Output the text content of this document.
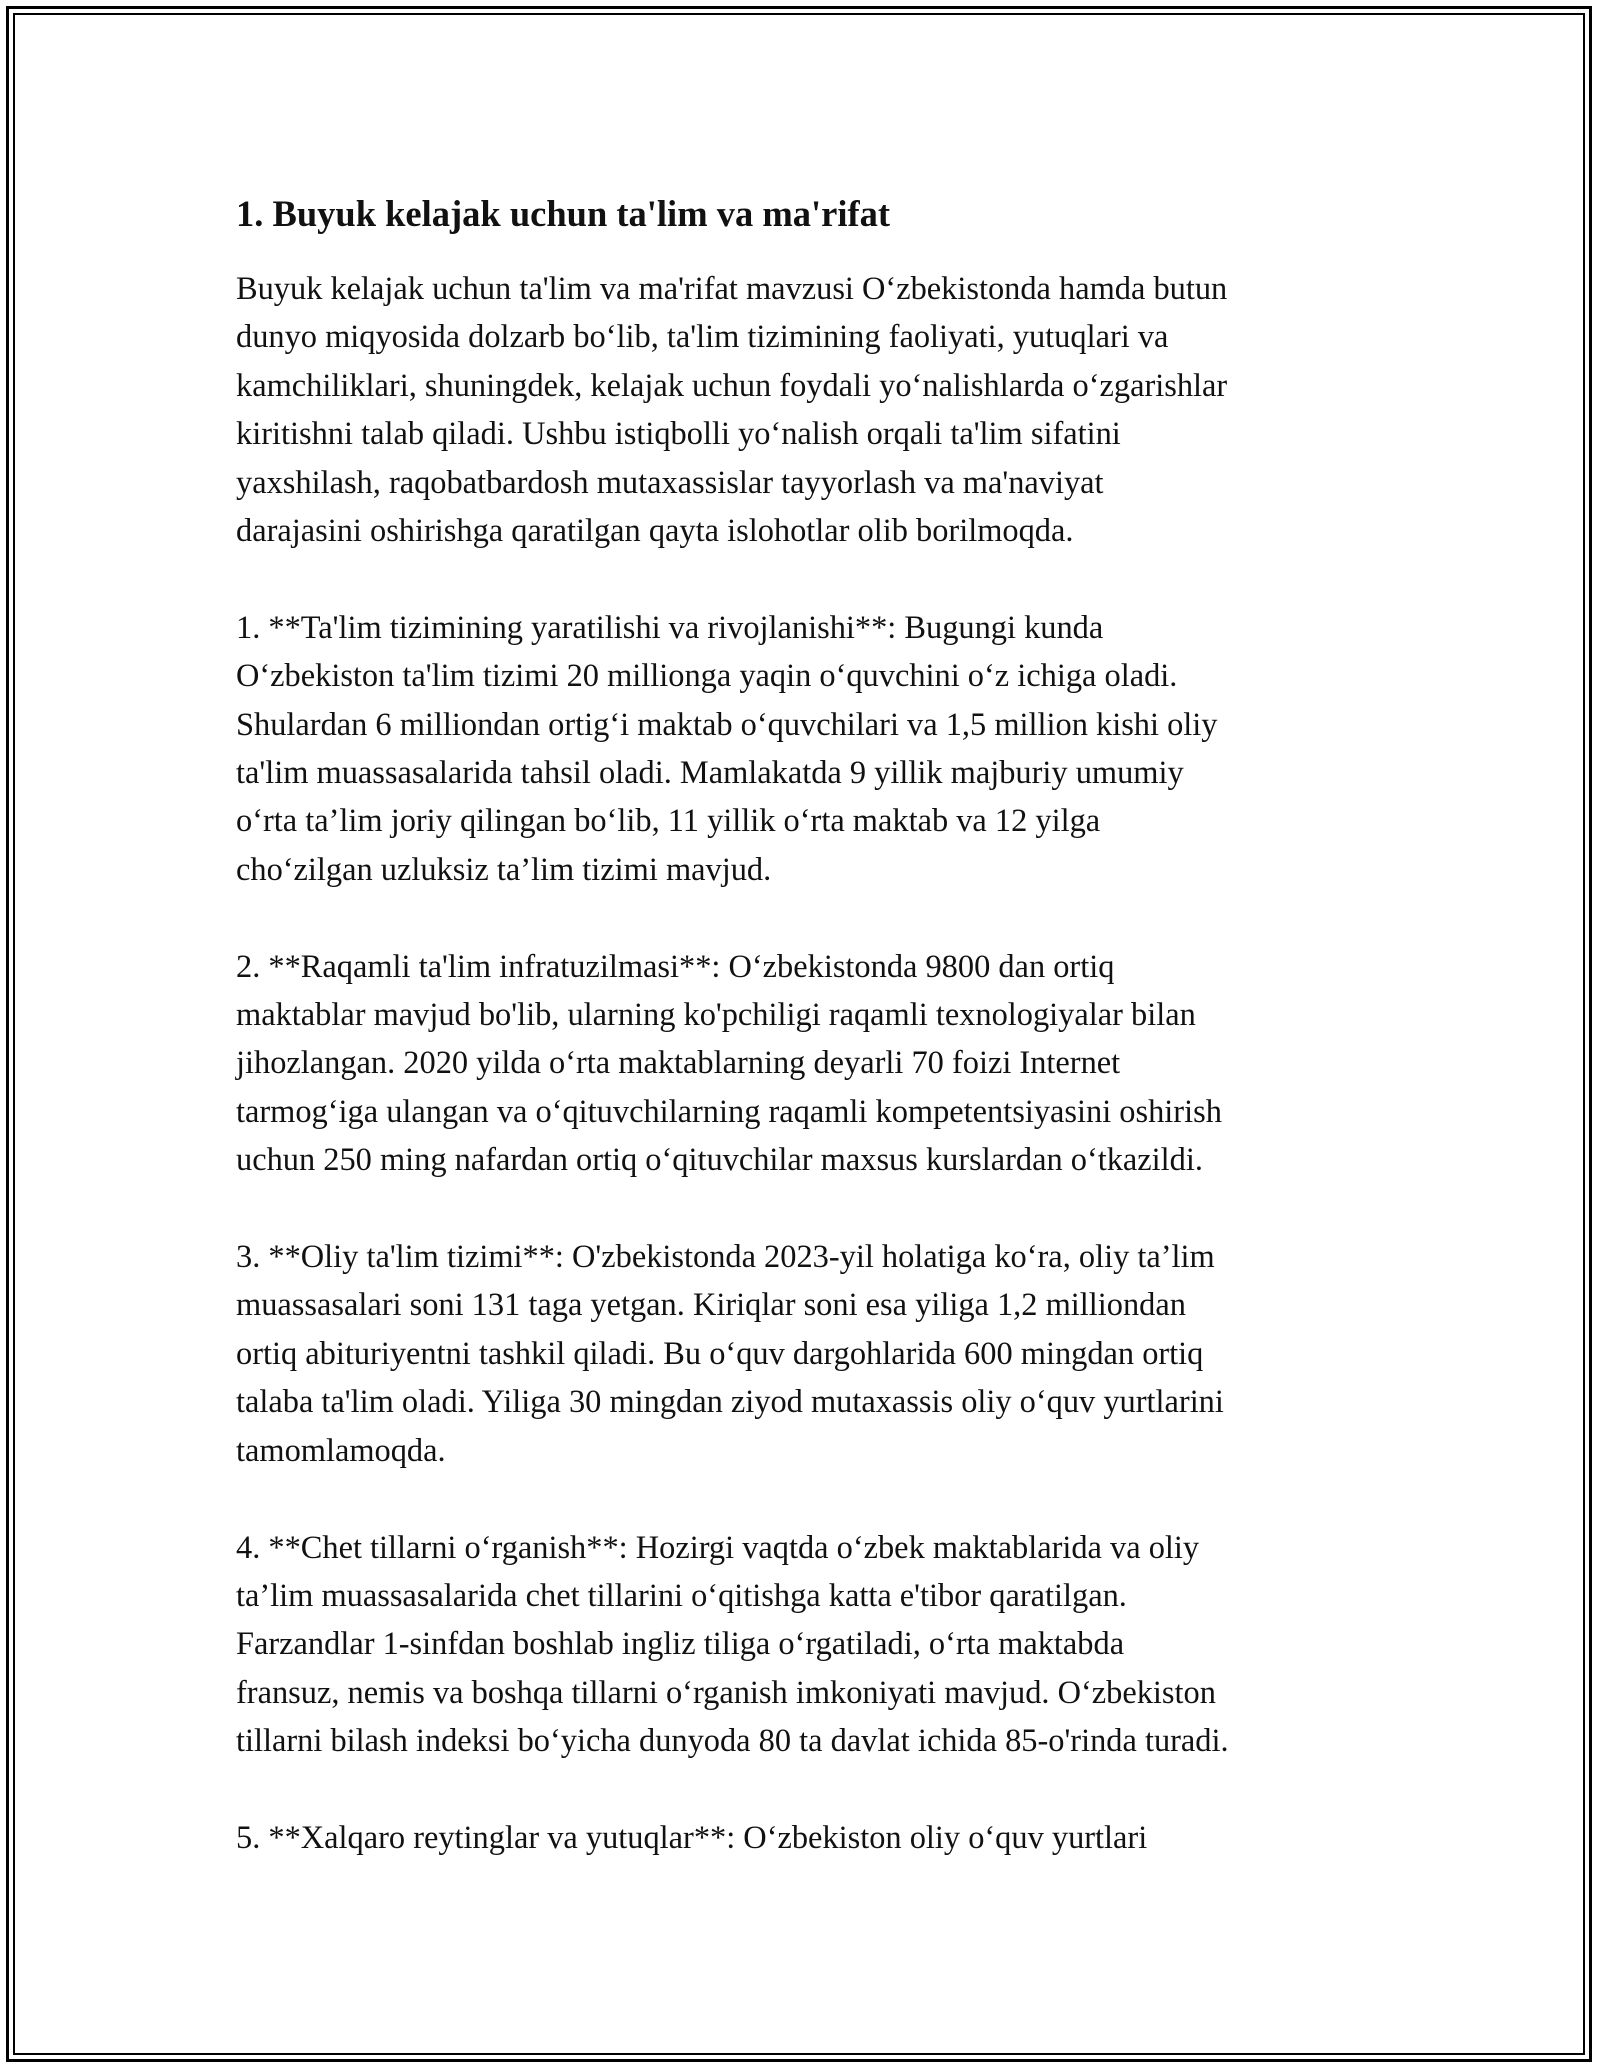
1. Buyuk kelajak uchun ta'lim va ma'rifat

Buyuk kelajak uchun ta'lim va ma'rifat mavzusi O‘zbekistonda hamda butun
dunyo miqyosida dolzarb bo‘lib, ta'lim tizimining faoliyati, yutuqlari va
kamchiliklari, shuningdek, kelajak uchun foydali yo‘nalishlarda o‘zgarishlar
kiritishni talab qiladi. Ushbu istiqbolli yo‘nalish orqali ta'lim sifatini
yaxshilash, raqobatbardosh mutaxassislar tayyorlash va ma'naviyat
darajasini oshirishga qaratilgan qayta islohotlar olib borilmoqda.

1. **Ta'lim tizimining yaratilishi va rivojlanishi**: Bugungi kunda
O‘zbekiston ta'lim tizimi 20 millionga yaqin o‘quvchini o‘z ichiga oladi.
Shulardan 6 milliondan ortig‘i maktab o‘quvchilari va 1,5 million kishi oliy
ta'lim muassasalarida tahsil oladi. Mamlakatda 9 yillik majburiy umumiy
o‘rta ta’lim joriy qilingan bo‘lib, 11 yillik o‘rta maktab va 12 yilga
cho‘zilgan uzluksiz ta’lim tizimi mavjud.

2. **Raqamli ta'lim infratuzilmasi**: O‘zbekistonda 9800 dan ortiq
maktablar mavjud bo'lib, ularning ko'pchiligi raqamli texnologiyalar bilan
jihozlangan. 2020 yilda o‘rta maktablarning deyarli 70 foizi Internet
tarmog‘iga ulangan va o‘qituvchilarning raqamli kompetentsiyasini oshirish
uchun 250 ming nafardan ortiq o‘qituvchilar maxsus kurslardan o‘tkazildi.

3. **Oliy ta'lim tizimi**: O'zbekistonda 2023-yil holatiga ko‘ra, oliy ta’lim
muassasalari soni 131 taga yetgan. Kiriqlar soni esa yiliga 1,2 milliondan
ortiq abituriyentni tashkil qiladi. Bu o‘quv dargohlarida 600 mingdan ortiq
talaba ta'lim oladi. Yiliga 30 mingdan ziyod mutaxassis oliy o‘quv yurtlarini
tamomlamoqda.

4. **Chet tillarni o‘rganish**: Hozirgi vaqtda o‘zbek maktablarida va oliy
ta’lim muassasalarida chet tillarini o‘qitishga katta e'tibor qaratilgan.
Farzandlar 1-sinfdan boshlab ingliz tiliga o‘rgatiladi, o‘rta maktabda
fransuz, nemis va boshqa tillarni o‘rganish imkoniyati mavjud. O‘zbekiston
tillarni bilash indeksi bo‘yicha dunyoda 80 ta davlat ichida 85-o'rinda turadi.

5. **Xalqaro reytinglar va yutuqlar**: O‘zbekiston oliy o‘quv yurtlari
